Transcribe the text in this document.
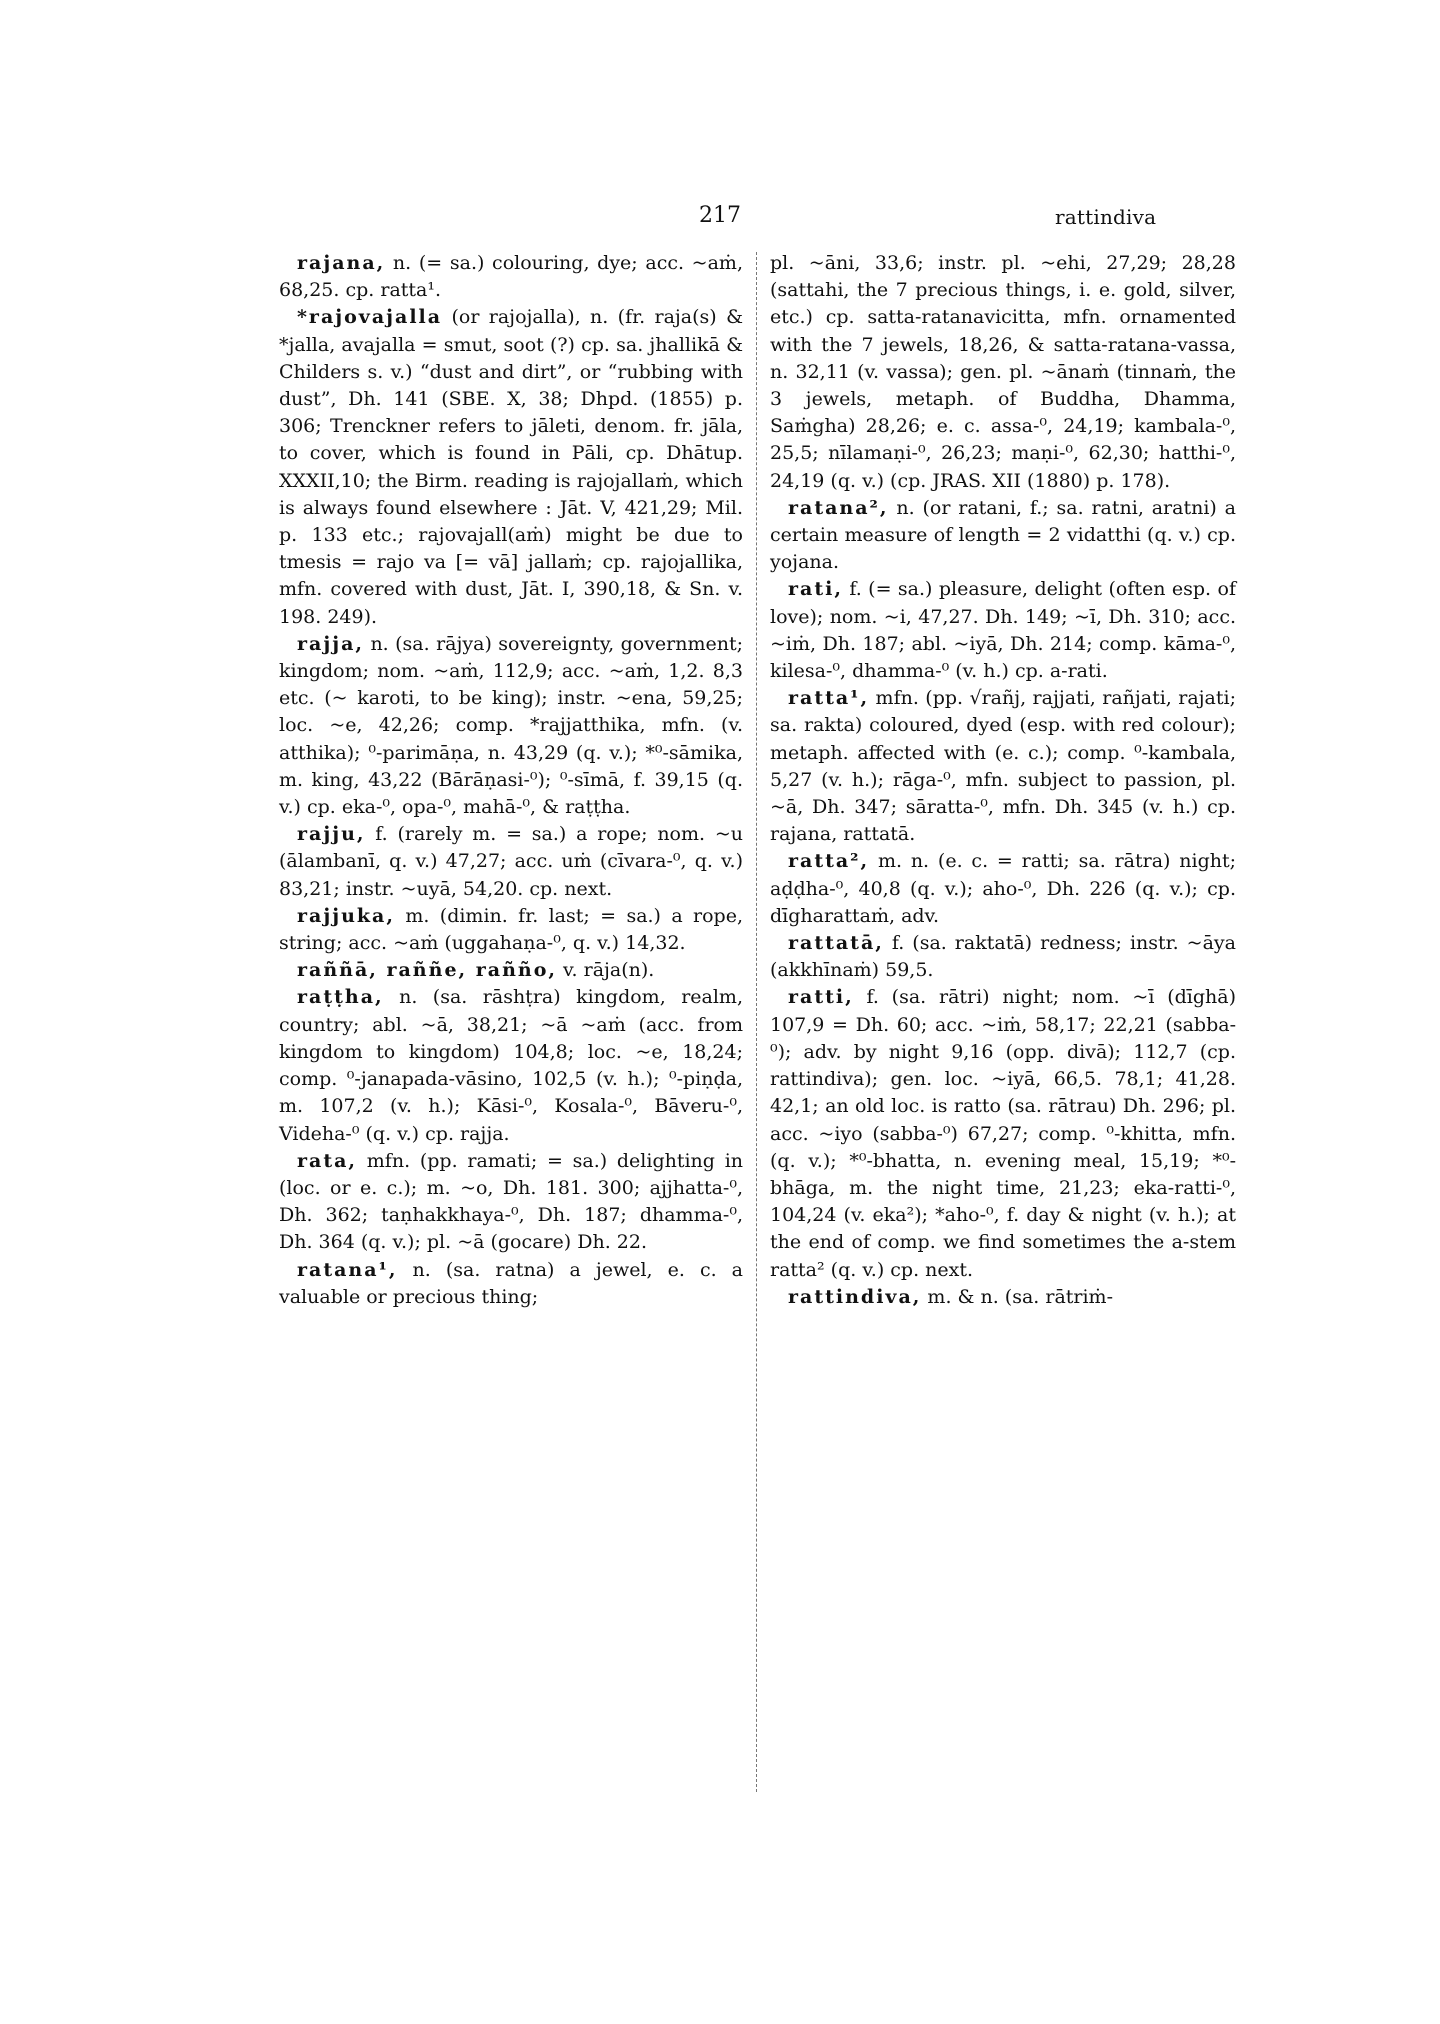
217	rattindiva

rajana, n. (= sa.) colouring, dye; acc. ~aṁ, 68,25. cp. ratta¹.

*rajovajalla (or rajojalla), n. (fr. raja(s) & *jalla, avajalla = smut, soot (?) cp. sa. jhallikā & Childers s. v.) “dust and dirt”, or “rubbing with dust”, Dh. 141 (SBE. X, 38; Dhpd. (1855) p. 306; Trenckner refers to jāleti, denom. fr. jāla, to cover, which is found in Pāli, cp. Dhātup. XXXII,10; the Birm. reading is rajojallaṁ, which is always found elsewhere : Jāt. V, 421,29; Mil. p. 133 etc.; rajovajall(aṁ) might be due to tmesis = rajo va [= vā] jallaṁ; cp. rajojallika, mfn. covered with dust, Jāt. I, 390,18, & Sn. v. 198. 249).

rajja, n. (sa. rājya) sovereignty, government; kingdom; nom. ~aṁ, 112,9; acc. ~aṁ, 1,2. 8,3 etc. (~ karoti, to be king); instr. ~ena, 59,25; loc. ~e, 42,26; comp. *rajjatthika, mfn. (v. atthika); ⁰-parimāṇa, n. 43,29 (q. v.); *⁰-sāmika, m. king, 43,22 (Bārāṇasi-⁰); ⁰-sīmā, f. 39,15 (q. v.) cp. eka-⁰, opa-⁰, mahā-⁰, & raṭṭha.

rajju, f. (rarely m. = sa.) a rope; nom. ~u (ālambanī, q. v.) 47,27; acc. uṁ (cīvara-⁰, q. v.) 83,21; instr. ~uyā, 54,20. cp. next.

rajjuka, m. (dimin. fr. last; = sa.) a rope, string; acc. ~aṁ (uggahaṇa-⁰, q. v.) 14,32.

raññā, raññe, rañño, v. rāja(n).

raṭṭha, n. (sa. rāshṭra) kingdom, realm, country; abl. ~ā, 38,21; ~ā ~aṁ (acc. from kingdom to kingdom) 104,8; loc. ~e, 18,24; comp. ⁰-janapada-vāsino, 102,5 (v. h.); ⁰-piṇḍa, m. 107,2 (v. h.); Kāsi-⁰, Kosala-⁰, Bāveru-⁰, Videha-⁰ (q. v.) cp. rajja.

rata, mfn. (pp. ramati; = sa.) delighting in (loc. or e. c.); m. ~o, Dh. 181. 300; ajjhatta-⁰, Dh. 362; taṇhakkhaya-⁰, Dh. 187; dhamma-⁰, Dh. 364 (q. v.); pl. ~ā (gocare) Dh. 22.

ratana¹, n. (sa. ratna) a jewel, e. c. a valuable or precious thing;

pl. ~āni, 33,6; instr. pl. ~ehi, 27,29; 28,28 (sattahi, the 7 precious things, i. e. gold, silver, etc.) cp. satta-ratanavicitta, mfn. ornamented with the 7 jewels, 18,26, & satta-ratana-vassa, n. 32,11 (v. vassa); gen. pl. ~ānaṁ (tinnaṁ, the 3 jewels, metaph. of Buddha, Dhamma, Saṁgha) 28,26; e. c. assa-⁰, 24,19; kambala-⁰, 25,5; nīlamaṇi-⁰, 26,23; maṇi-⁰, 62,30; hatthi-⁰, 24,19 (q. v.) (cp. JRAS. XII (1880) p. 178).

ratana², n. (or ratani, f.; sa. ratni, aratni) a certain measure of length = 2 vidatthi (q. v.) cp. yojana.

rati, f. (= sa.) pleasure, delight (often esp. of love); nom. ~i, 47,27. Dh. 149; ~ī, Dh. 310; acc. ~iṁ, Dh. 187; abl. ~iyā, Dh. 214; comp. kāma-⁰, kilesa-⁰, dhamma-⁰ (v. h.) cp. a-rati.

ratta¹, mfn. (pp. √rañj, rajjati, rañjati, rajati; sa. rakta) coloured, dyed (esp. with red colour); metaph. affected with (e. c.); comp. ⁰-kambala, 5,27 (v. h.); rāga-⁰, mfn. subject to passion, pl. ~ā, Dh. 347; sāratta-⁰, mfn. Dh. 345 (v. h.) cp. rajana, rattatā.

ratta², m. n. (e. c. = ratti; sa. rātra) night; aḍḍha-⁰, 40,8 (q. v.); aho-⁰, Dh. 226 (q. v.); cp. dīgharattaṁ, adv.

rattatā, f. (sa. raktatā) redness; instr. ~āya (akkhīnaṁ) 59,5.

ratti, f. (sa. rātri) night; nom. ~ī (dīghā) 107,9 = Dh. 60; acc. ~iṁ, 58,17; 22,21 (sabba-⁰); adv. by night 9,16 (opp. divā); 112,7 (cp. rattindiva); gen. loc. ~iyā, 66,5. 78,1; 41,28. 42,1; an old loc. is ratto (sa. rātrau) Dh. 296; pl. acc. ~iyo (sabba-⁰) 67,27; comp. ⁰-khitta, mfn. (q. v.); *⁰-bhatta, n. evening meal, 15,19; *⁰-bhāga, m. the night time, 21,23; eka-ratti-⁰, 104,24 (v. eka²); *aho-⁰, f. day & night (v. h.); at the end of comp. we find sometimes the a-stem ratta² (q. v.) cp. next.

rattindiva, m. & n. (sa. rātriṁ-
